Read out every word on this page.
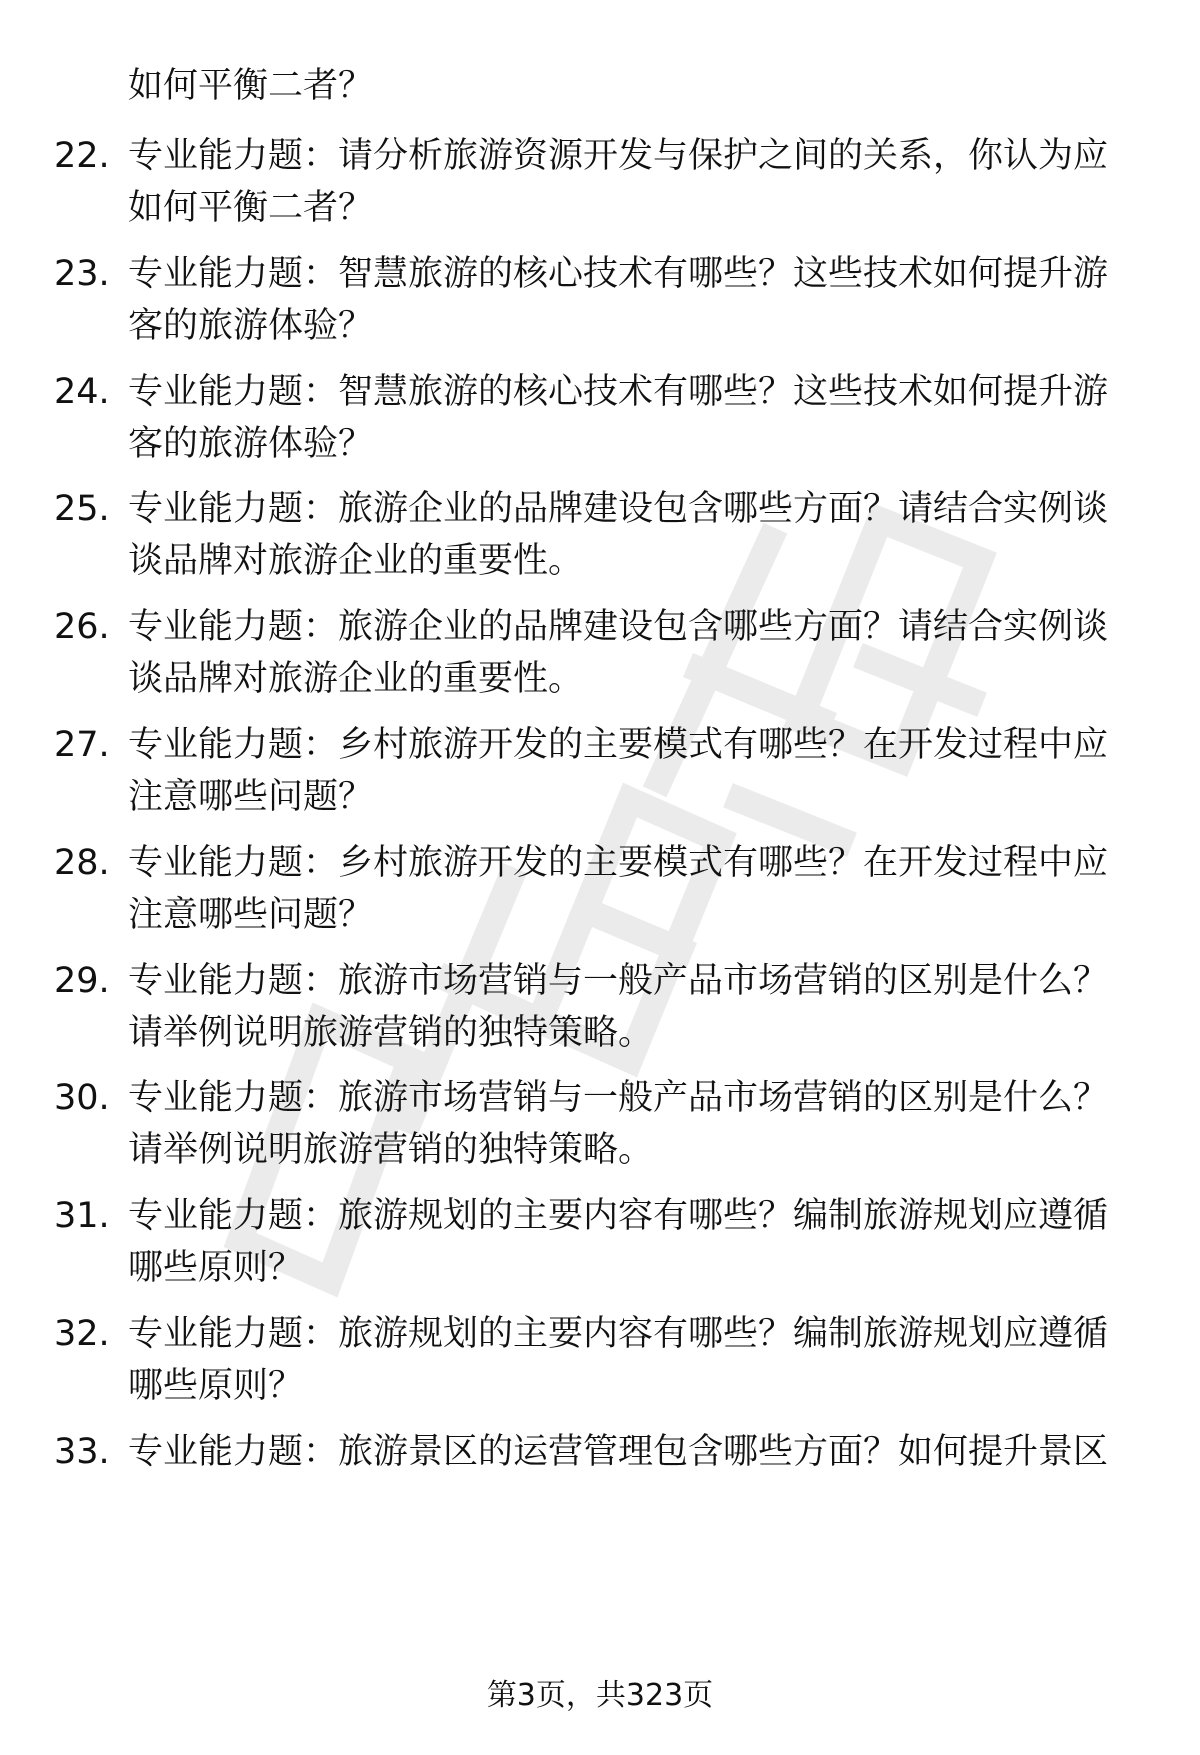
如何平衡二者？
22. 专业能力题：请分析旅游资源开发与保护之间的关系，你认为应
如何平衡二者？
23. 专业能力题：智慧旅游的核心技术有哪些？这些技术如何提升游
客的旅游体验？
24. 专业能力题：智慧旅游的核心技术有哪些？这些技术如何提升游
客的旅游体验？
25. 专业能力题：旅游企业的品牌建设包含哪些方面？请结合实例谈
谈品牌对旅游企业的重要性。
26. 专业能力题：旅游企业的品牌建设包含哪些方面？请结合实例谈
谈品牌对旅游企业的重要性。
27. 专业能力题：乡村旅游开发的主要模式有哪些？在开发过程中应
注意哪些问题？
28. 专业能力题：乡村旅游开发的主要模式有哪些？在开发过程中应
注意哪些问题？
29. 专业能力题：旅游市场营销与一般产品市场营销的区别是什么？
请举例说明旅游营销的独特策略。
30. 专业能力题：旅游市场营销与一般产品市场营销的区别是什么？
请举例说明旅游营销的独特策略。
31. 专业能力题：旅游规划的主要内容有哪些？编制旅游规划应遵循
哪些原则？
32. 专业能力题：旅游规划的主要内容有哪些？编制旅游规划应遵循
哪些原则？
33. 专业能力题：旅游景区的运营管理包含哪些方面？如何提升景区
第3页，共323页
